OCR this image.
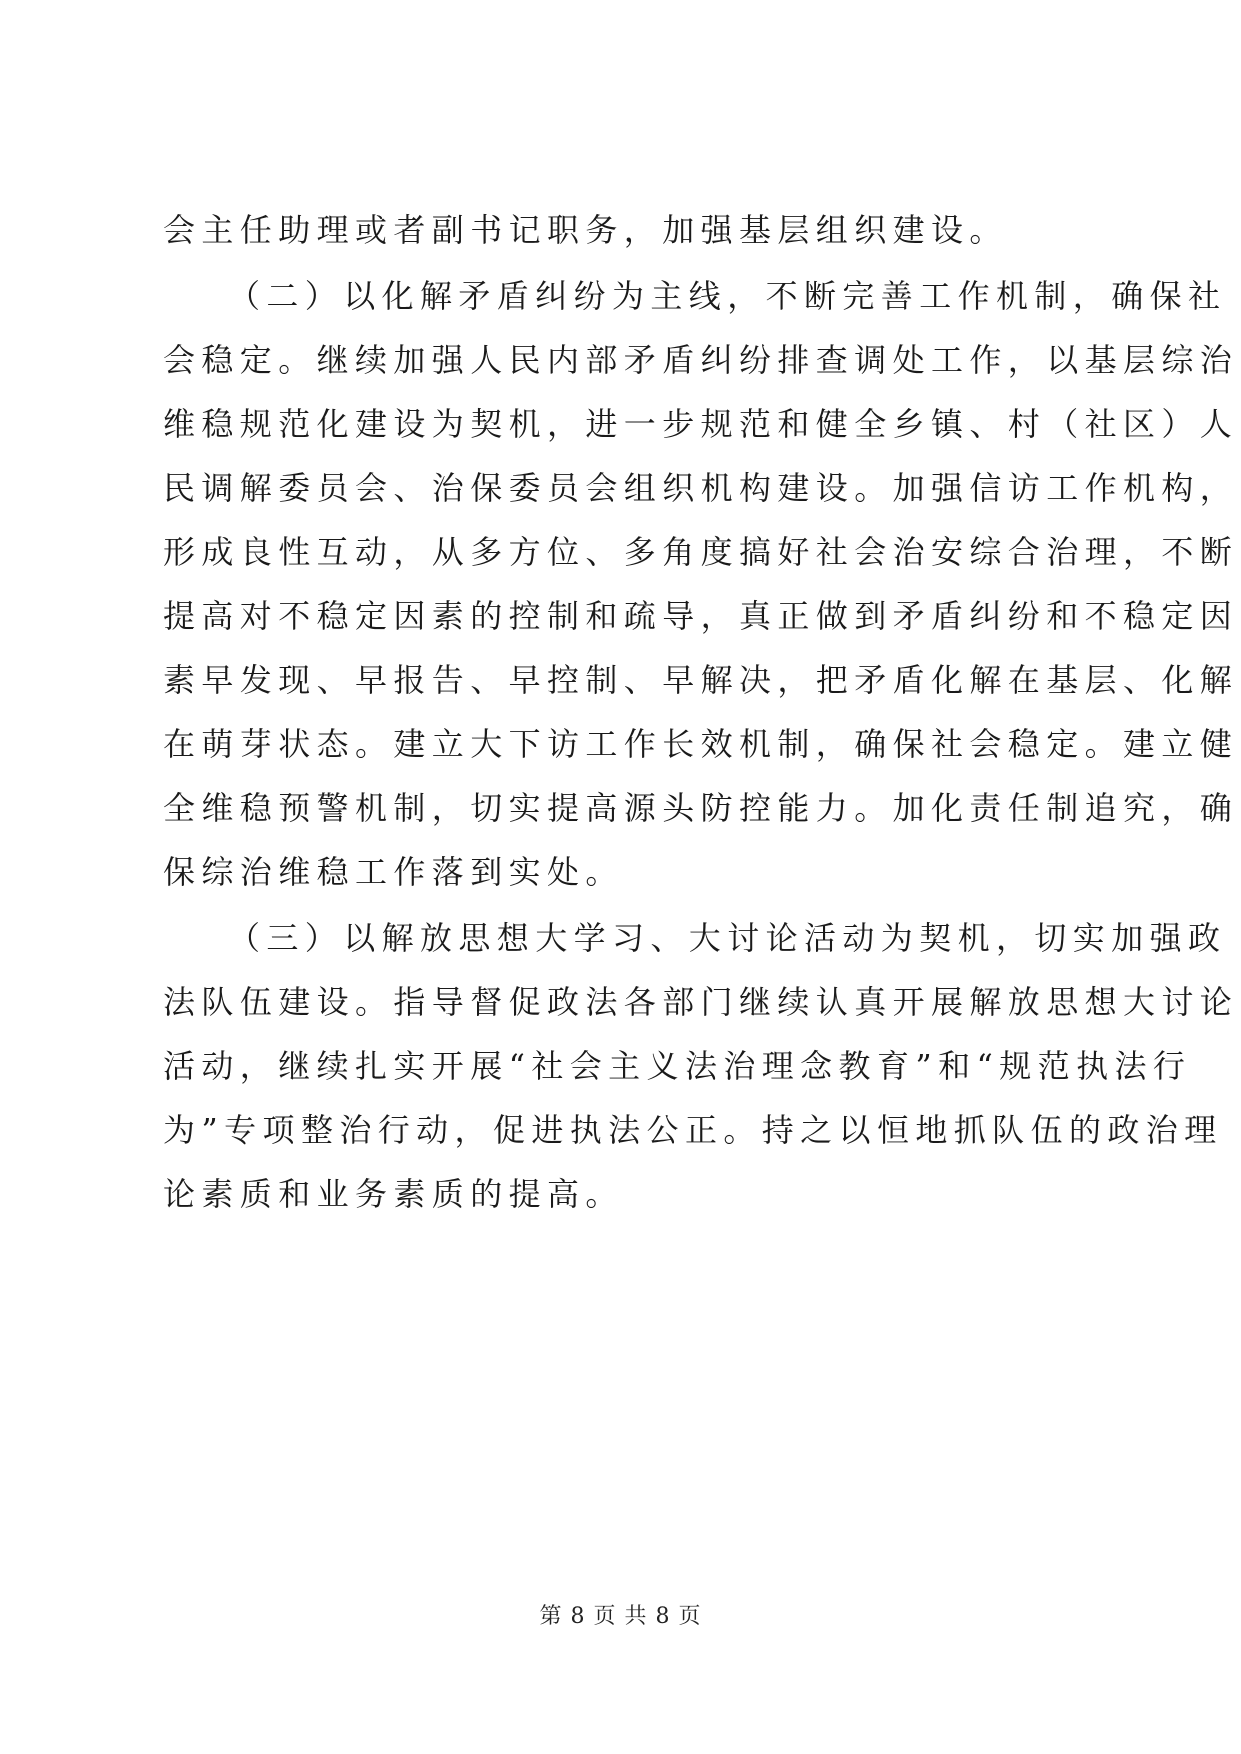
会主任助理或者副书记职务，加强基层组织建设。
（二）以化解矛盾纠纷为主线，不断完善工作机制，确保社
会稳定。继续加强人民内部矛盾纠纷排查调处工作，以基层综治
维稳规范化建设为契机，进一步规范和健全乡镇、村（社区）人
民调解委员会、治保委员会组织机构建设。加强信访工作机构，
形成良性互动，从多方位、多角度搞好社会治安综合治理，不断
提高对不稳定因素的控制和疏导，真正做到矛盾纠纷和不稳定因
素早发现、早报告、早控制、早解决，把矛盾化解在基层、化解
在萌芽状态。建立大下访工作长效机制，确保社会稳定。建立健
全维稳预警机制，切实提高源头防控能力。加化责任制追究，确
保综治维稳工作落到实处。
（三）以解放思想大学习、大讨论活动为契机，切实加强政
法队伍建设。指导督促政法各部门继续认真开展解放思想大讨论
活动，继续扎实开展“社会主义法治理念教育”和“规范执法行
为”专项整治行动，促进执法公正。持之以恒地抓队伍的政治理
论素质和业务素质的提高。
第 8 页 共 8 页
